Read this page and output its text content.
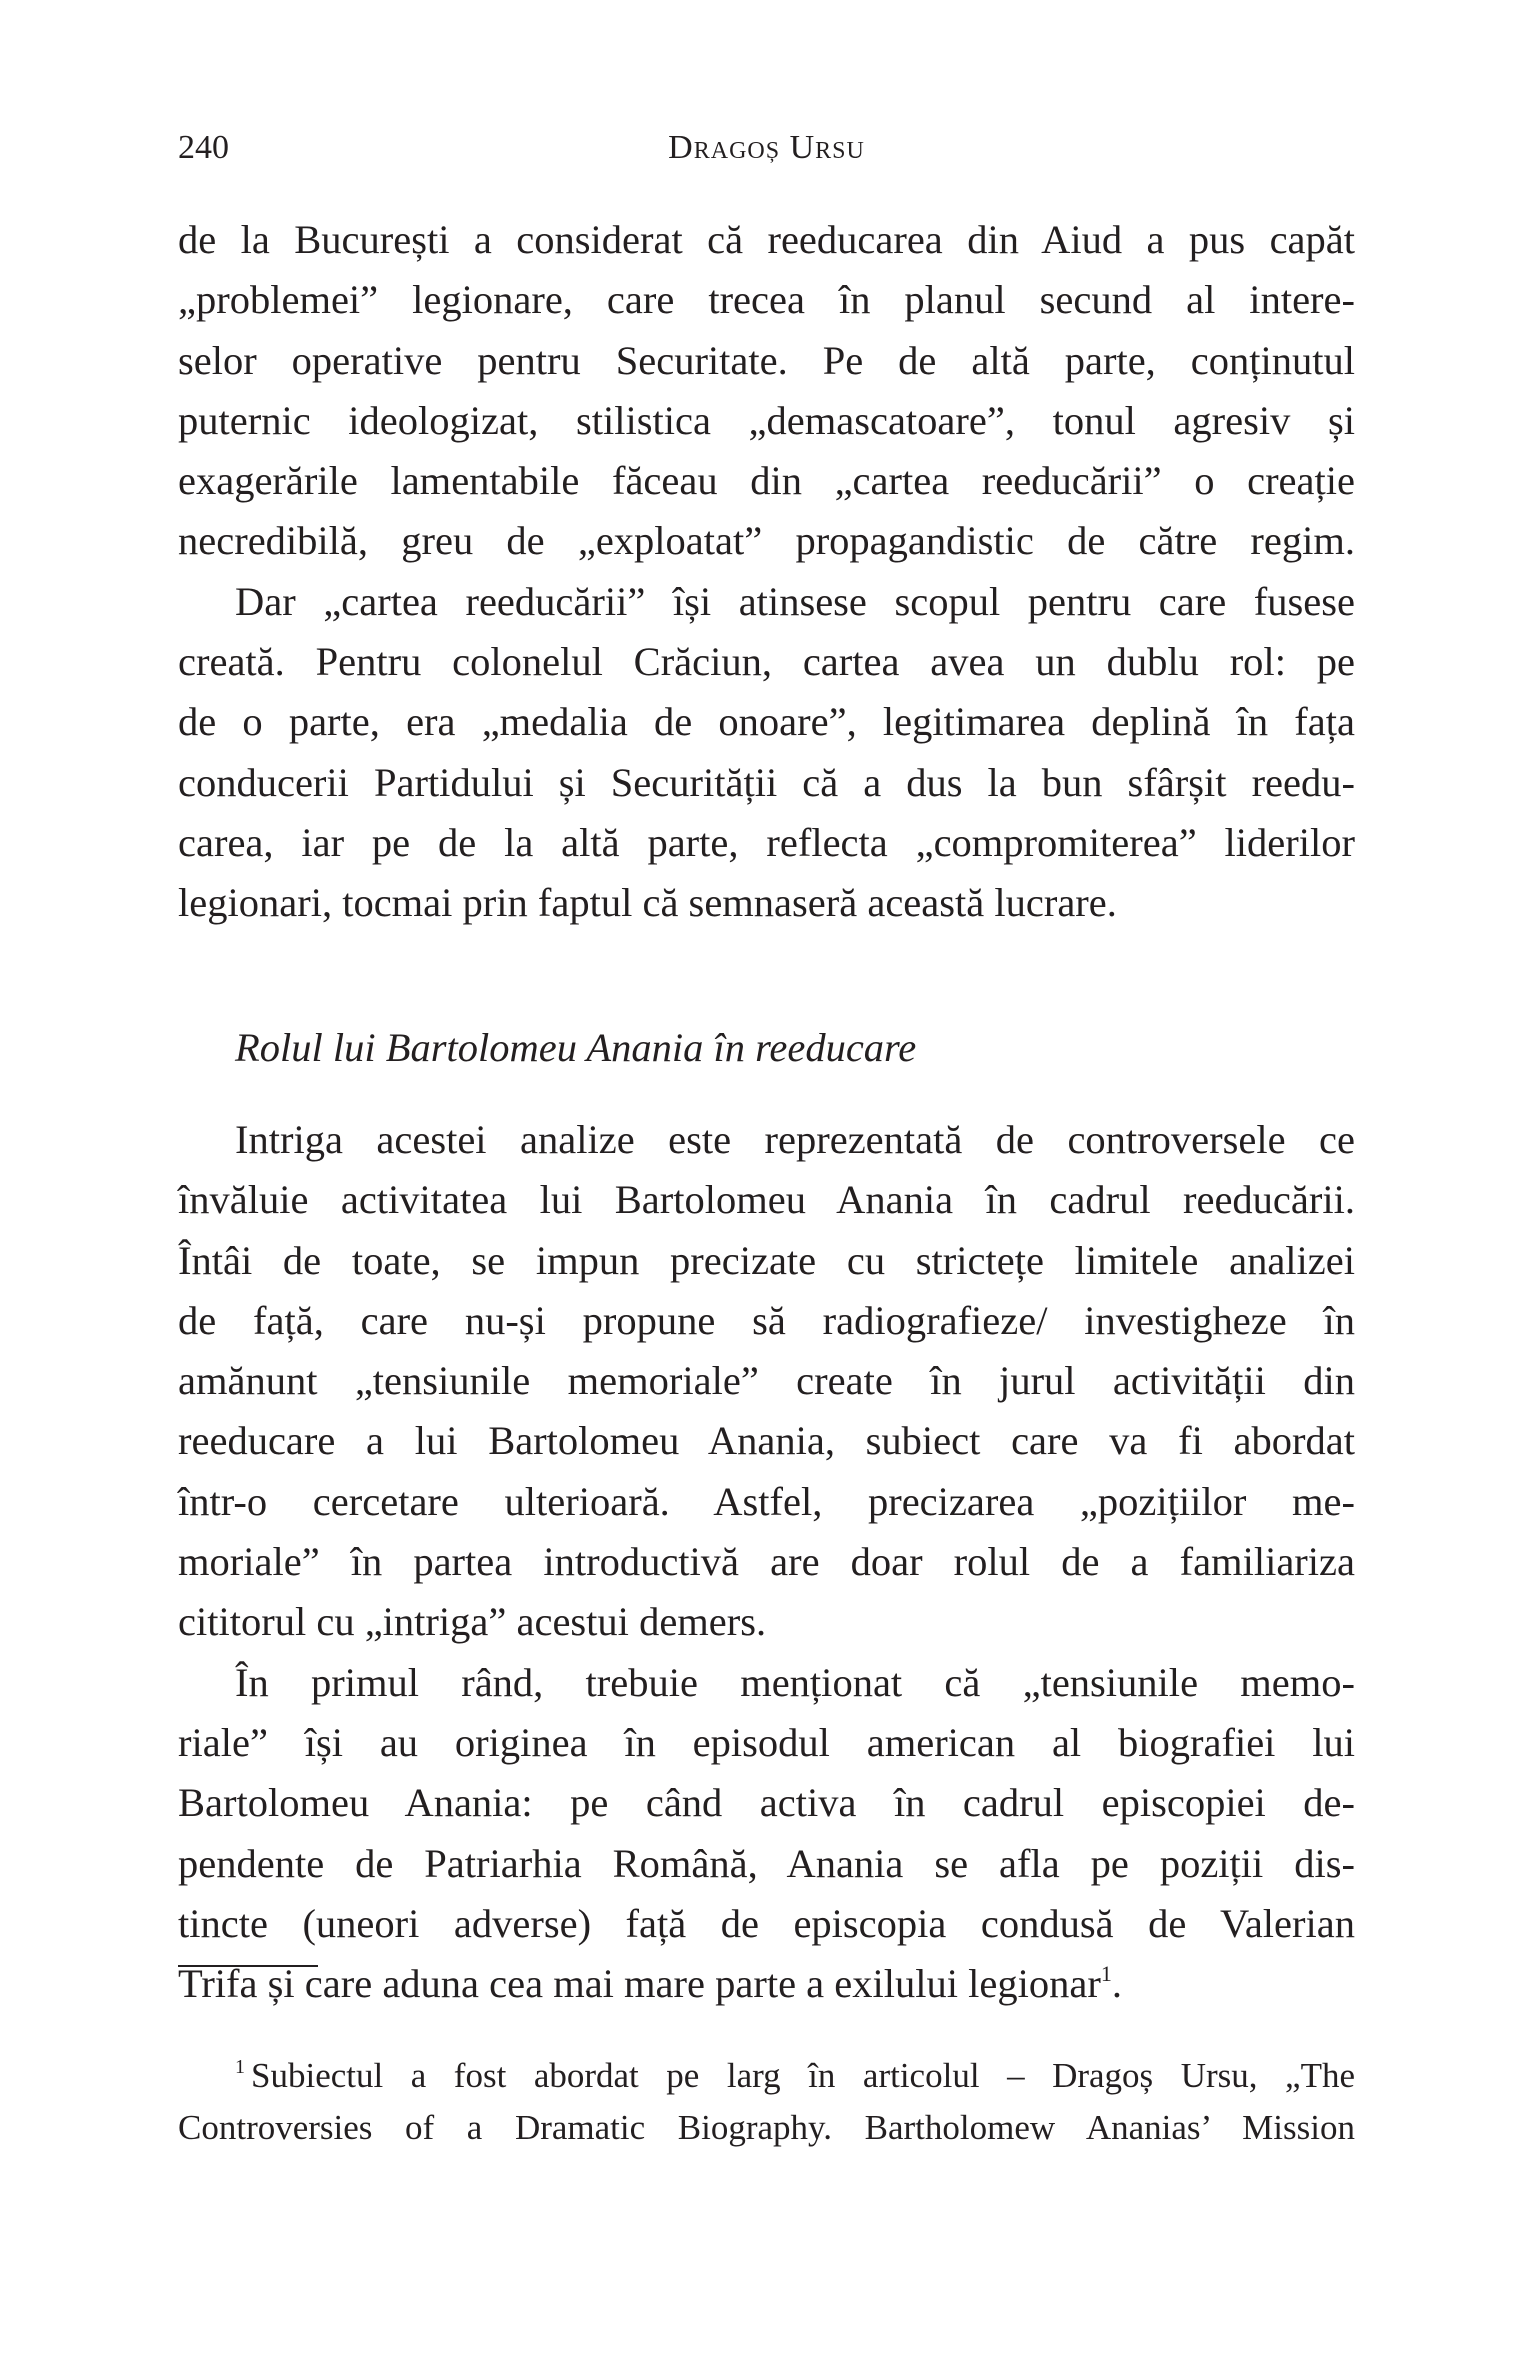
240	Dragoș Ursu

de la București a considerat că reeducarea din Aiud a pus capăt
„problemei” legionare, care trecea în planul secund al intere-
selor operative pentru Securitate. Pe de altă parte, conținutul
puternic ideologizat, stilistica „demascatoare”, tonul agresiv și
exagerările lamentabile făceau din „cartea reeducării” o creație
necredibilă, greu de „exploatat” propagandistic de către regim.

Dar „cartea reeducării” își atinsese scopul pentru care fusese
creată. Pentru colonelul Crăciun, cartea avea un dublu rol: pe
de o parte, era „medalia de onoare”, legitimarea deplină în fața
conducerii Partidului și Securității că a dus la bun sfârșit reedu-
carea, iar pe de la altă parte, reflecta „compromiterea” liderilor
legionari, tocmai prin faptul că semnaseră această lucrare.

Rolul lui Bartolomeu Anania în reeducare

Intriga acestei analize este reprezentată de controversele ce
învăluie activitatea lui Bartolomeu Anania în cadrul reeducării.
Întâi de toate, se impun precizate cu strictețe limitele analizei
de față, care nu-și propune să radiografieze/ investigheze în
amănunt „tensiunile memoriale” create în jurul activității din
reeducare a lui Bartolomeu Anania, subiect care va fi abordat
într-o cercetare ulterioară. Astfel, precizarea „pozițiilor me-
moriale” în partea introductivă are doar rolul de a familiariza
cititorul cu „intriga” acestui demers.

În primul rând, trebuie menționat că „tensiunile memo-
riale” își au originea în episodul american al biografiei lui
Bartolomeu Anania: pe când activa în cadrul episcopiei de-
pendente de Patriarhia Română, Anania se afla pe poziții dis-
tincte (uneori adverse) față de episcopia condusă de Valerian
Trifa și care aduna cea mai mare parte a exilului legionar$^1$.

$^1$ Subiectul a fost abordat pe larg în articolul – Dragoș Ursu, „The
Controversies of a Dramatic Biography. Bartholomew Ananias’ Mission
